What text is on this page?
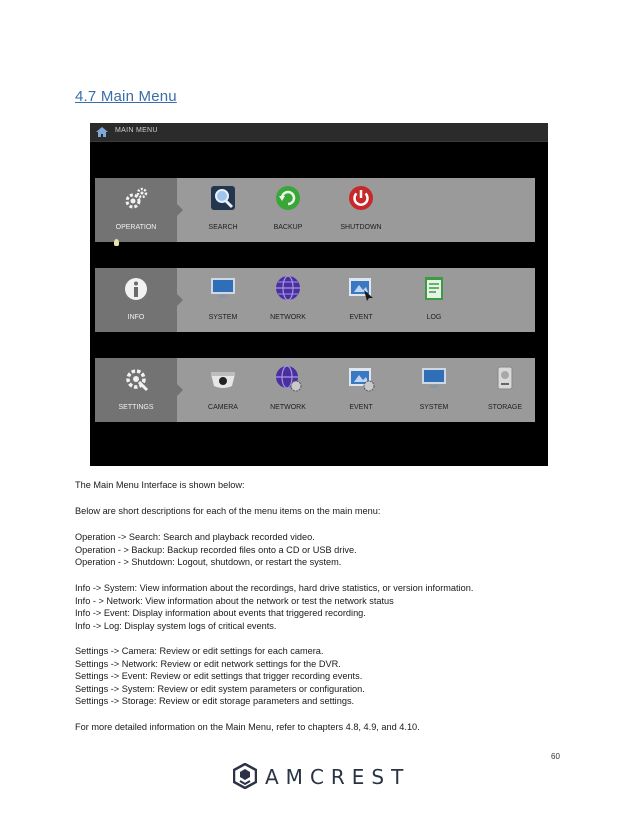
4.7 Main Menu
MAIN MENU
OPERATION	SEARCH	BACKUP	SHUTDOWN
INFO	SYSTEM	NETWORK	EVENT	LOG
SETTINGS	CAMERA	NETWORK	EVENT	SYSTEM	STORAGE
The Main Menu Interface is shown below:
Below are short descriptions for each of the menu items on the main menu:
Operation -> Search: Search and playback recorded video.
Operation - > Backup: Backup recorded files onto a CD or USB drive.
Operation - > Shutdown: Logout, shutdown, or restart the system.
Info -> System: View information about the recordings, hard drive statistics, or version information.
Info - > Network: View information about the network or test the network status
Info -> Event: Display information about events that triggered recording.
Info -> Log: Display system logs of critical events.
Settings -> Camera: Review or edit settings for each camera.
Settings -> Network: Review or edit network settings for the DVR.
Settings -> Event: Review or edit settings that trigger recording events.
Settings -> System: Review or edit system parameters or configuration.
Settings -> Storage: Review or edit storage parameters and settings.
For more detailed information on the Main Menu, refer to chapters 4.8, 4.9, and 4.10.
60
AMCREST
